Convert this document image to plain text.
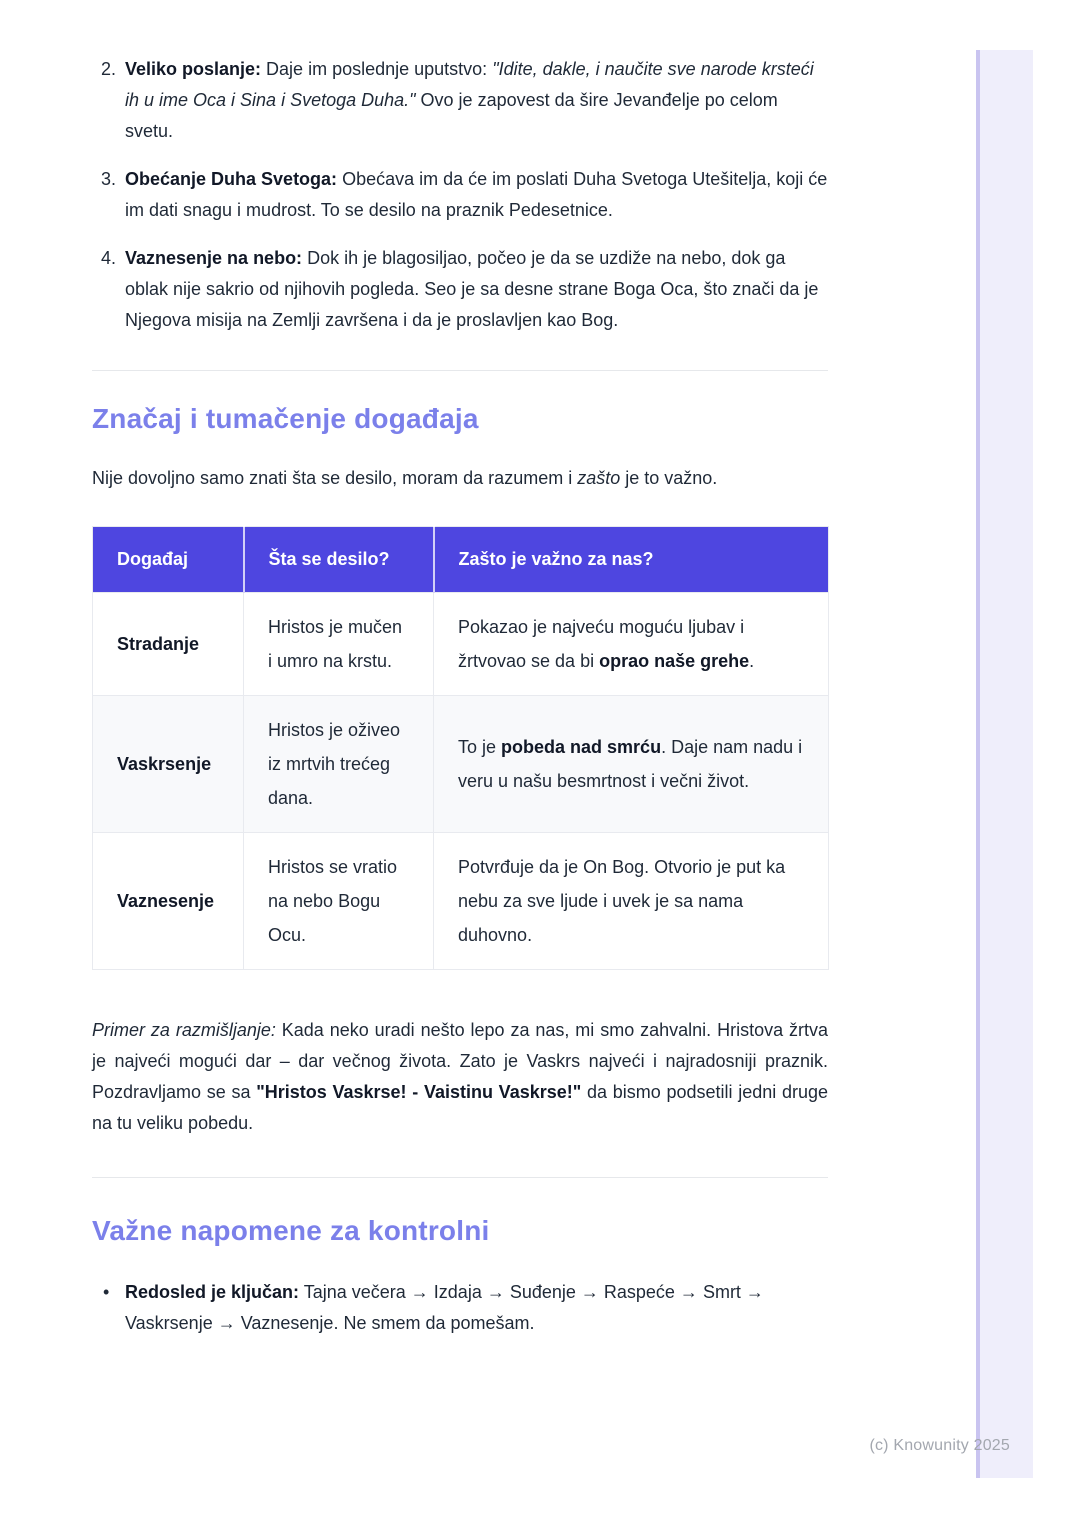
2. Veliko poslanje: Daje im poslednje uputstvo: "Idite, dakle, i naučite sve narode krsteći ih u ime Oca i Sina i Svetoga Duha." Ovo je zapovest da šire Jevanđelje po celom svetu.
3. Obećanje Duha Svetoga: Obećava im da će im poslati Duha Svetoga Utešitelja, koji će im dati snagu i mudrost. To se desilo na praznik Pedesetnice.
4. Vaznesenje na nebo: Dok ih je blagosiljao, počeo je da se uzdiže na nebo, dok ga oblak nije sakrio od njihovih pogleda. Seo je sa desne strane Boga Oca, što znači da je Njegova misija na Zemlji završena i da je proslavljen kao Bog.
Značaj i tumačenje događaja

Nije dovoljno samo znati šta se desilo, moram da razumem i zašto je to važno.

Događaj	Šta se desilo?	Zašto je važno za nas?
Stradanje	Hristos je mučen i umro na krstu.	Pokazao je najveću moguću ljubav i žrtvovao se da bi oprao naše grehe.
Vaskrsenje	Hristos je oživeo iz mrtvih trećeg dana.	To je pobeda nad smrću. Daje nam nadu i veru u našu besmrtnost i večni život.
Vaznesenje	Hristos se vratio na nebo Bogu Ocu.	Potvrđuje da je On Bog. Otvorio je put ka nebu za sve ljude i uvek je sa nama duhovno.

Primer za razmišljanje: Kada neko uradi nešto lepo za nas, mi smo zahvalni. Hristova žrtva je najveći mogući dar – dar večnog života. Zato je Vaskrs najveći i najradosniji praznik. Pozdravljamo se sa "Hristos Vaskrse! - Vaistinu Vaskrse!" da bismo podsetili jedni druge na tu veliku pobedu.

Važne napomene za kontrolni
• Redosled je ključan: Tajna večera → Izdaja → Suđenje → Raspeće → Smrt → Vaskrsenje → Vaznesenje. Ne smem da pomešam.
(c) Knowunity 2025
